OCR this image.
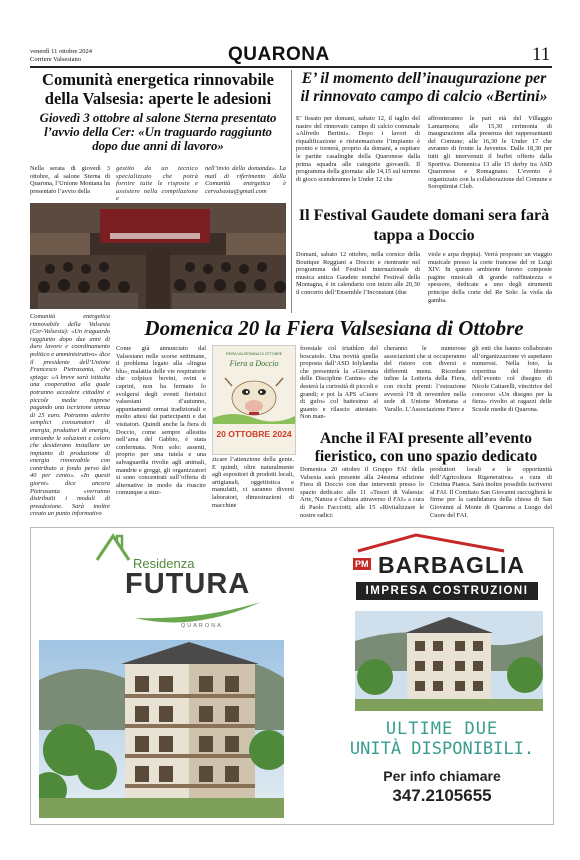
venerdì 11 ottobre 2024
Corriere Valsesiano	QUARONA	11
Comunità energetica rinnovabile della Valsesia: aperte le adesioni
Giovedì 3 ottobre al salone Sterna presentato l’avvio della Cer: «Un traguardo raggiunto dopo due anni di lavoro»
Nella serata di giovedì 3 ottobre, al salone Sterna di Quarona, l’Unione Montana ha presentato l’avvio della
gestito da un tecnico specializzato che potrà fornire tutte le risposte e assistere nella compilazione e
nell’invio della domanda». La mail di riferimento della Comunità energetica è cervalsesia@gmail.com
Comunità energetica rinnovabile della Valsesia (Cer-Valsesia): «Un traguardo raggiunto dopo due anni di duro lavoro e coordinamento politico e amministrativo» dice il presidente dell’Unione Francesco Pietrasanta, che spiega: «A breve sarà istituita una cooperativa alla quale potranno accedere cittadini e piccole medie imprese pagando una iscrizione annua di 25 euro. Potranno aderire semplici consumatori di energia, produttori di energia, entrambe le soluzioni e coloro che desiderano installare un impianto di produzione di energia rinnovabile con contributo a fondo perso del 40 per cento». «In questi giorni» dice ancora Pietrasanta «verranno distribuiti i moduli di preadesione. Sarà inoltre creato un punto informativo
E’ il momento dell’inaugurazione per il rinnovato campo di calcio «Bertini»
E’ fissato per domani, sabato 12, il taglio del nastro del rinnovato campo di calcio comunale «Alfredo Bertini». Dopo i lavori di riqualificazione e risistemazione l’impianto è pronto e tornerà, proprio da domani, a ospitare le partite casalinghe della Quaronese dalla prima squadra alle categorie giovanili. Il programma della giornata: alle 14,15 sul terreno di gioco scenderanno le Under 12 che
affronteranno le pari età del Villaggio Lamarmora; alle 15,30 cerimonia di inaugurazione alla presenza dei rappresentanti del Comune; alle 16,30 le Under 17 che avranno di fronte la Juventus. Dalle 18,30 per tutti gli intervenuti il buffet offerto dalla Sportiva. Domenica 13 alle 15 derby tra ASD Quaronese e Romagnano. L’evento è organizzato con la collaborazione del Comune e Soroptimist Club.
Il Festival Gaudete domani sera farà tappa a Doccio
Domani, sabato 12 ottobre, nella cornice della Boutique Reggiani a Doccio e rientrante nel programma del Festival internazionale di musica antica Gaudete nonché Festival della Montagna, è in calendario con inizio alle 20,30 il concerto dell’Ensemble l’Inconstant (due
viole e arpa doppia). Verrà proposto un viaggio musicale presso la corte francese del re Luigi XIV. In questo ambiente furono composte pagine musicali di grande raffinatezza e spessore, dedicate a uno degli strumenti principe della corte del Re Sole: la viola da gamba.
Domenica 20 la Fiera Valsesiana di Ottobre
Come già annunciato dal Valsesiano nelle scorse settimane, il problema legato alla «lingua blu», malattia delle vie respiratorie che colpisce bovini, ovini e caprini, non ha fermato lo svolgersi degli eventi fieristici valsesiani d’autunno, appuntamenti ormai tradizionali e molto attesi dai partecipanti e dai visitatori. Quindi anche la fiera di Doccio, come sempre allestita nell’area del Gabbio, è stata confermata. Non solo: assenti, proprio per una tutela e una salvaguardia rivolte agli animali, mandrie e greggi, gli organizzatori si sono concentrati sull’offerta di alternative in modo da riuscire comunque a stuz-
FIERA VALSESIANA DI OTTOBRE
Fiera a Doccio
20 OTTOBRE 2024
zicare l’attenzione della gente. E quindi, oltre naturalmente agli espositori di prodotti locali, artigianali, oggettistica e manufatti, ci saranno diversi laboratori, dimostrazioni di macchine
forestale col triathlon del boscaiolo. Una novità quella proposta dall’ASD Iolylandia che presenterà la «Giornata delle Discipline Canine» che desterà la curiosità di piccoli e grandi; e poi la APS «Cuore di gufo» col battesimo al guanto e rilascio attestato. Non man-
cheranno le numerose associazioni che si occuperanno del ristoro con diversi e differenti menu. Ricordate infine la Lotteria della Fiera, con ricchi premi: l’estrazione avverrà l’8 di novembre nella sede di Unione Montana a Varallo. L’Associazione Fiere e
gli enti che hanno collaborato all’organizzazione vi aspettano numerosi. Nella foto, la copertina del libretto dell’evento col disegno di Nicole Cattarelli, vincitrice del concorso «Un disegno per la fiera» rivolto ai ragazzi delle Scuole medie di Quarona.
Anche il FAI presente all’evento fieristico, con uno spazio dedicato
Domenica 20 ottobre il Gruppo FAI della Valsesia sarà presente alla 24esima edizione Fiera di Doccio con due interventi presso lo spazio dedicato: alle 11 «Tesori di Valsesia: Arte, Natura e Cultura attraverso il FAI» a cura di Paolo Facciotti; alle 15 «Rivitalizzare le nostre radici:
produttori locali e le opportunità dell’Agricoltura Rigenerativa» a cura di Cristina Pianca. Sarà inoltre possibile iscriversi al FAI. Il Comitato San Giovanni raccoglierà le firme per la candidatura della chiesa di San Giovanni al Monte di Quarona a Luogo del Cuore del FAI.
Residenza
FUTURA
QUARONA
PM BARBAGLIA
IMPRESA COSTRUZIONI
ULTIME DUE
UNITÀ DISPONIBILI.
Per info chiamare
347.2105655
